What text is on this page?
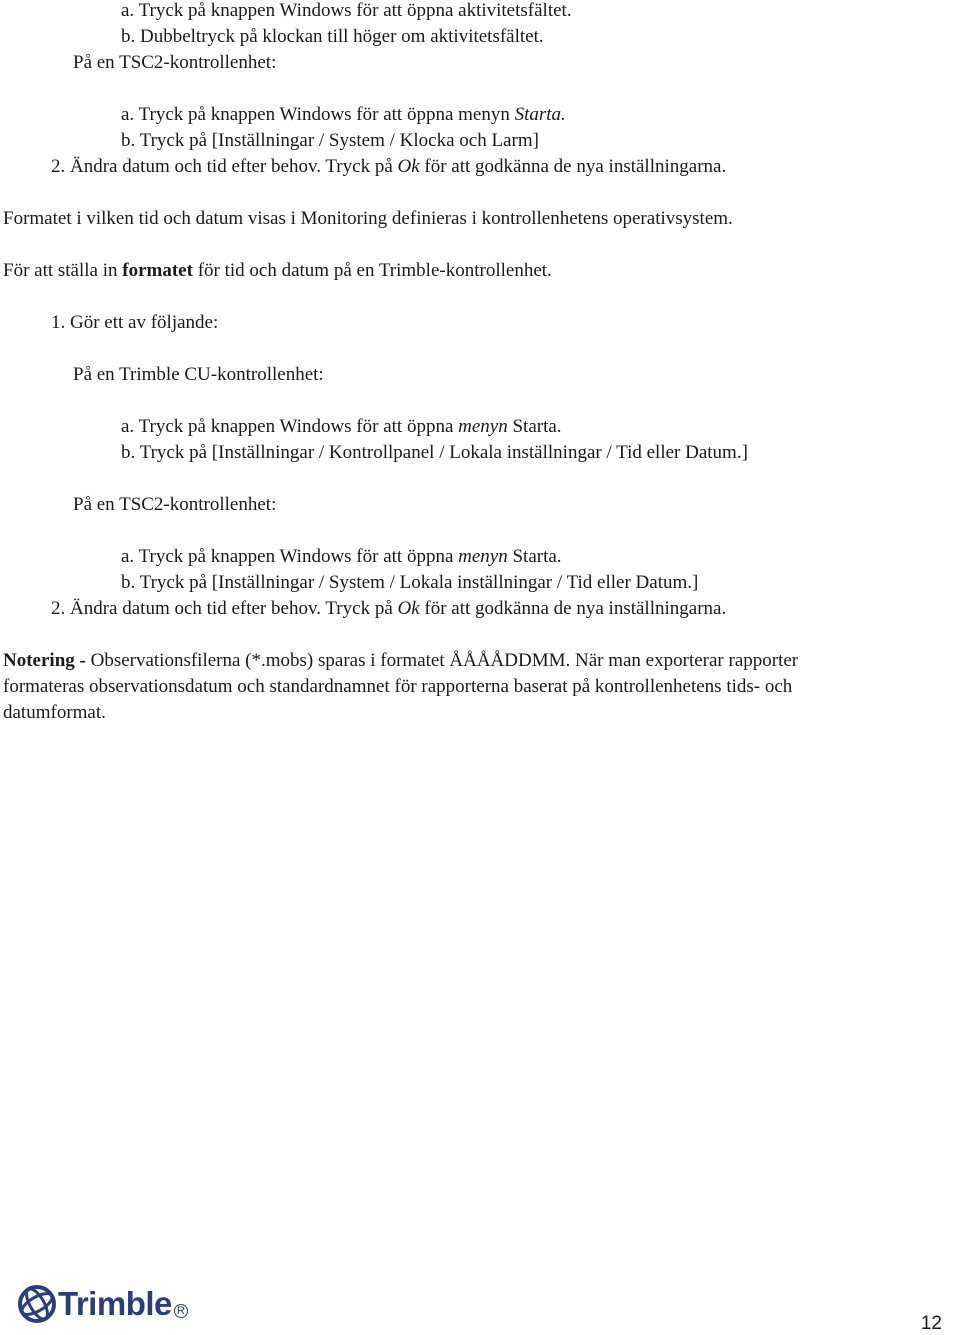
a. Tryck på knappen Windows för att öppna aktivitetsfältet.
b. Dubbeltryck på klockan till höger om aktivitetsfältet.
På en TSC2-kontrollenhet:
a. Tryck på knappen Windows för att öppna menyn Starta.
b. Tryck på [Inställningar / System / Klocka och Larm]
2. Ändra datum och tid efter behov. Tryck på Ok för att godkänna de nya inställningarna.
Formatet i vilken tid och datum visas i Monitoring definieras i kontrollenhetens operativsystem.
För att ställa in formatet för tid och datum på en Trimble-kontrollenhet.
1. Gör ett av följande:
På en Trimble CU-kontrollenhet:
a. Tryck på knappen Windows för att öppna menyn Starta.
b. Tryck på [Inställningar / Kontrollpanel / Lokala inställningar / Tid eller Datum.]
På en TSC2-kontrollenhet:
a. Tryck på knappen Windows för att öppna menyn Starta.
b. Tryck på [Inställningar / System / Lokala inställningar / Tid eller Datum.]
2. Ändra datum och tid efter behov. Tryck på Ok för att godkänna de nya inställningarna.
Notering - Observationsfilerna (*.mobs) sparas i formatet ÅÅÅÅDDMM. När man exporterar rapporter
formateras observationsdatum och standardnamnet för rapporterna baserat på kontrollenhetens tids- och
datumformat.
Trimble R
12
